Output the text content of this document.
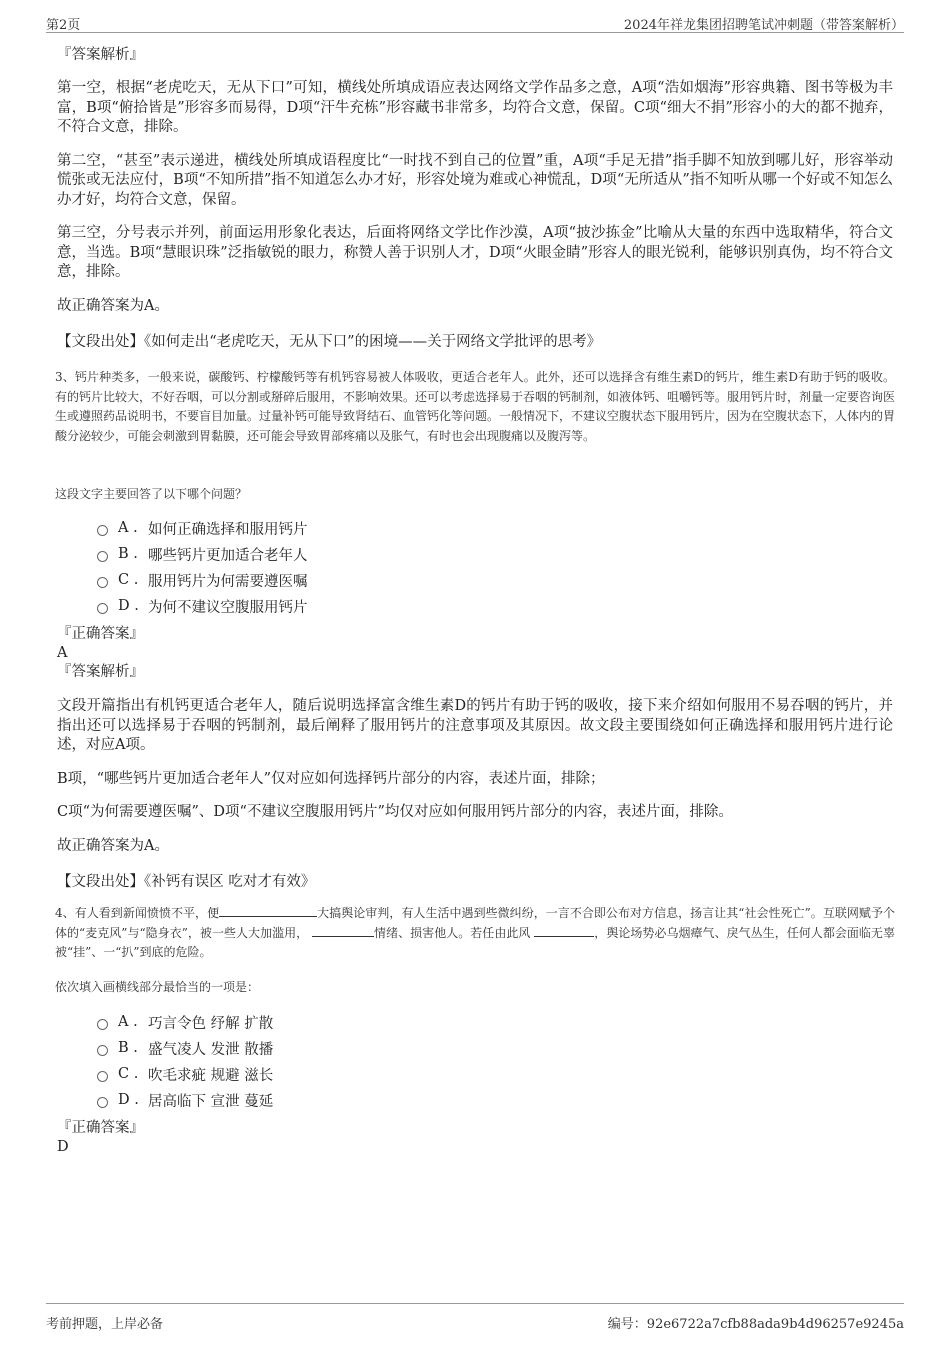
第2页	2024年祥龙集团招聘笔试冲刺题（带答案解析）

『答案解析』

第一空，根据“老虎吃天，无从下口”可知，横线处所填成语应表达网络文学作品多之意，A项“浩如烟海”形容典籍、图书等极为丰富，B项“俯拾皆是”形容多而易得，D项“汗牛充栋”形容藏书非常多，均符合文意，保留。C项“细大不捐”形容小的大的都不抛弃，不符合文意，排除。

第二空，“甚至”表示递进，横线处所填成语程度比“一时找不到自己的位置”重，A项“手足无措”指手脚不知放到哪儿好，形容举动慌张或无法应付，B项“不知所措”指不知道怎么办才好，形容处境为难或心神慌乱，D项“无所适从”指不知听从哪一个好或不知怎么办才好，均符合文意，保留。

第三空，分号表示并列，前面运用形象化表达，后面将网络文学比作沙漠，A项“披沙拣金”比喻从大量的东西中选取精华，符合文意，当选。B项“慧眼识珠”泛指敏锐的眼力，称赞人善于识别人才，D项“火眼金睛”形容人的眼光锐利，能够识别真伪，均不符合文意，排除。

故正确答案为A。

【文段出处】《如何走出“老虎吃天，无从下口”的困境——关于网络文学批评的思考》

3、钙片种类多，一般来说，碳酸钙、柠檬酸钙等有机钙容易被人体吸收，更适合老年人。此外，还可以选择含有维生素D的钙片，维生素D有助于钙的吸收。有的钙片比较大，不好吞咽，可以分割或掰碎后服用，不影响效果。还可以考虑选择易于吞咽的钙制剂，如液体钙、咀嚼钙等。服用钙片时，剂量一定要咨询医生或遵照药品说明书，不要盲目加量。过量补钙可能导致肾结石、血管钙化等问题。一般情况下，不建议空腹状态下服用钙片，因为在空腹状态下，人体内的胃酸分泌较少，可能会刺激到胃黏膜，还可能会导致胃部疼痛以及胀气，有时也会出现腹痛以及腹泻等。
这段文字主要回答了以下哪个问题？
A . 如何正确选择和服用钙片
B . 哪些钙片更加适合老年人
C . 服用钙片为何需要遵医嘱
D . 为何不建议空腹服用钙片
『正确答案』
A
『答案解析』

文段开篇指出有机钙更适合老年人，随后说明选择富含维生素D的钙片有助于钙的吸收，接下来介绍如何服用不易吞咽的钙片，并指出还可以选择易于吞咽的钙制剂，最后阐释了服用钙片的注意事项及其原因。故文段主要围绕如何正确选择和服用钙片进行论述，对应A项。

B项，“哪些钙片更加适合老年人”仅对应如何选择钙片部分的内容，表述片面，排除；

C项“为何需要遵医嘱”、D项“不建议空腹服用钙片”均仅对应如何服用钙片部分的内容，表述片面，排除。

故正确答案为A。

【文段出处】《补钙有误区 吃对才有效》

4、有人看到新闻愤愤不平，便	大搞舆论审判，有人生活中遇到些微纠纷，一言不合即公布对方信息，扬言让其“社会性死亡”。互联网赋予个体的“麦克风”与“隐身衣”，被一些人大加滥用，	情绪、损害他人。若任由此风	，舆论场势必乌烟瘴气、戾气丛生，任何人都会面临无辜被“挂”、一“扒”到底的危险。
依次填入画横线部分最恰当的一项是：
A . 巧言令色 纾解 扩散
B . 盛气凌人 发泄 散播
C . 吹毛求疵 规避 滋长
D . 居高临下 宣泄 蔓延
『正确答案』
D
考前押题，上岸必备	编号：92e6722a7cfb88ada9b4d96257e9245a
